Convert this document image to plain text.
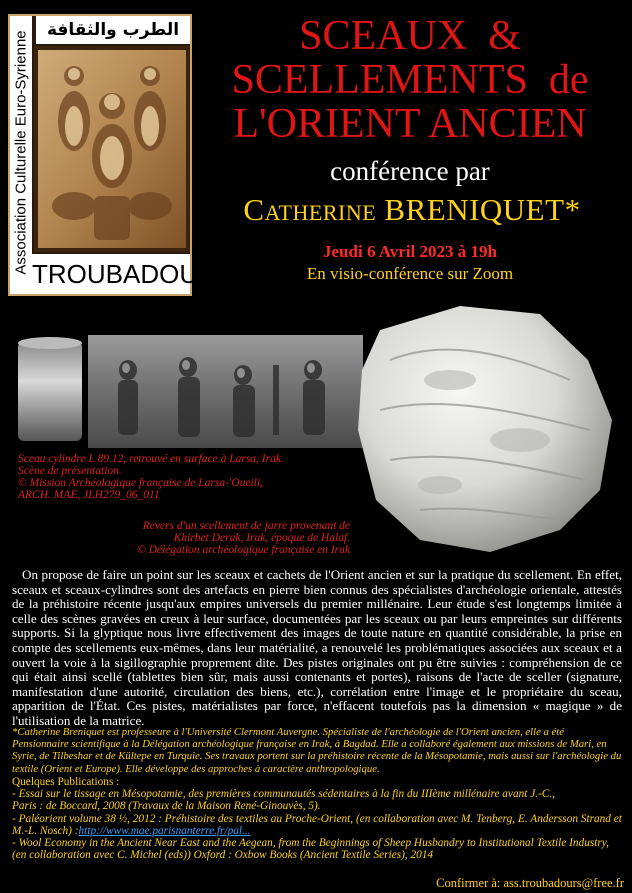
Association Culturelle Euro-Syrienne
الطرب والثقافة
TROUBADOURS
SCEAUX  &
SCELLEMENTS  de
L'ORIENT ANCIEN
conférence par
CATHERINE BRENIQUET*
Jeudi 6 Avril 2023 à 19h
En visio-conférence sur Zoom
Sceau cylindre L 89.12, retrouvé en surface à Larsa, Irak.
Scène de présentation.
© Mission Archéologique française de Larsa-'Oueili,
ARCH. MAE, JLH279_06_011
Revers d'un scellement de jarre provenant de
Khirbet Derak, Irak, époque de Halaf.
© Délégation archéologique française en Irak
On propose de faire un point sur les sceaux et cachets de l'Orient ancien et sur la pratique du scellement. En effet, sceaux et sceaux-cylindres sont des artefacts en pierre bien connus des spécialistes d'archéologie orientale, attestés de la préhistoire récente jusqu'aux empires universels du premier millénaire. Leur étude s'est longtemps limitée à celle des scènes gravées en creux à leur surface, documentées par les sceaux ou par leurs empreintes sur différents supports. Si la glyptique nous livre effectivement des images de toute nature en quantité considérable, la prise en compte des scellements eux-mêmes, dans leur matérialité, a renouvelé les problématiques associées aux sceaux et a ouvert la voie à la sigillographie proprement dite. Des pistes originales ont pu être suivies : compréhension de ce qui était ainsi scellé (tablettes bien sûr, mais aussi contenants et portes), raisons de l'acte de sceller (signature, manifestation d'une autorité, circulation des biens, etc.), corrélation entre l'image et le propriétaire du sceau, apparition de l'État. Ces pistes, matérialistes par force, n'effacent toutefois pas la dimension « magique » de l'utilisation de la matrice.
*Catherine Breniquet est professeure à l'Université Clermont Auvergne. Spécialiste de l'archéologie de l'Orient ancien, elle a été Pensionnaire scientifique à la Délégation archéologique française en Irak, à Bagdad. Elle a collaboré également aux missions de Mari, en Syrie, de Tilbeshar et de Kültepe en Turquie. Ses travaux portent sur la préhistoire récente de la Mésopotamie, mais aussi sur l'archéologie du textile (Orient et Europe). Elle développe des approches à caractère anthropologique.
Quelques Publications :
- Essai sur le tissage en Mésopotamie, des premières communautés sédentaires à la fin du IIIème millénaire avant J.-C.,
Paris : de Boccard, 2008 (Travaux de la Maison René-Ginouvès, 5).
- Paléorient volume 38 ½, 2012 : Préhistoire des textiles au Proche-Orient, (en collaboration avec M. Tenberg, E. Andersson Strand et M.-L. Nosch) :http://www.mae.parisnanterre.fr/pal...
- Wool Economy in the Ancient Near East and the Aegean, from the Beginnings of Sheep Husbandry to Institutional Textile Industry, (en collaboration avec C. Michel (eds)) Oxford : Oxbow Books (Ancient Textile Series), 2014
Confirmer à: ass.troubadours@free.fr
